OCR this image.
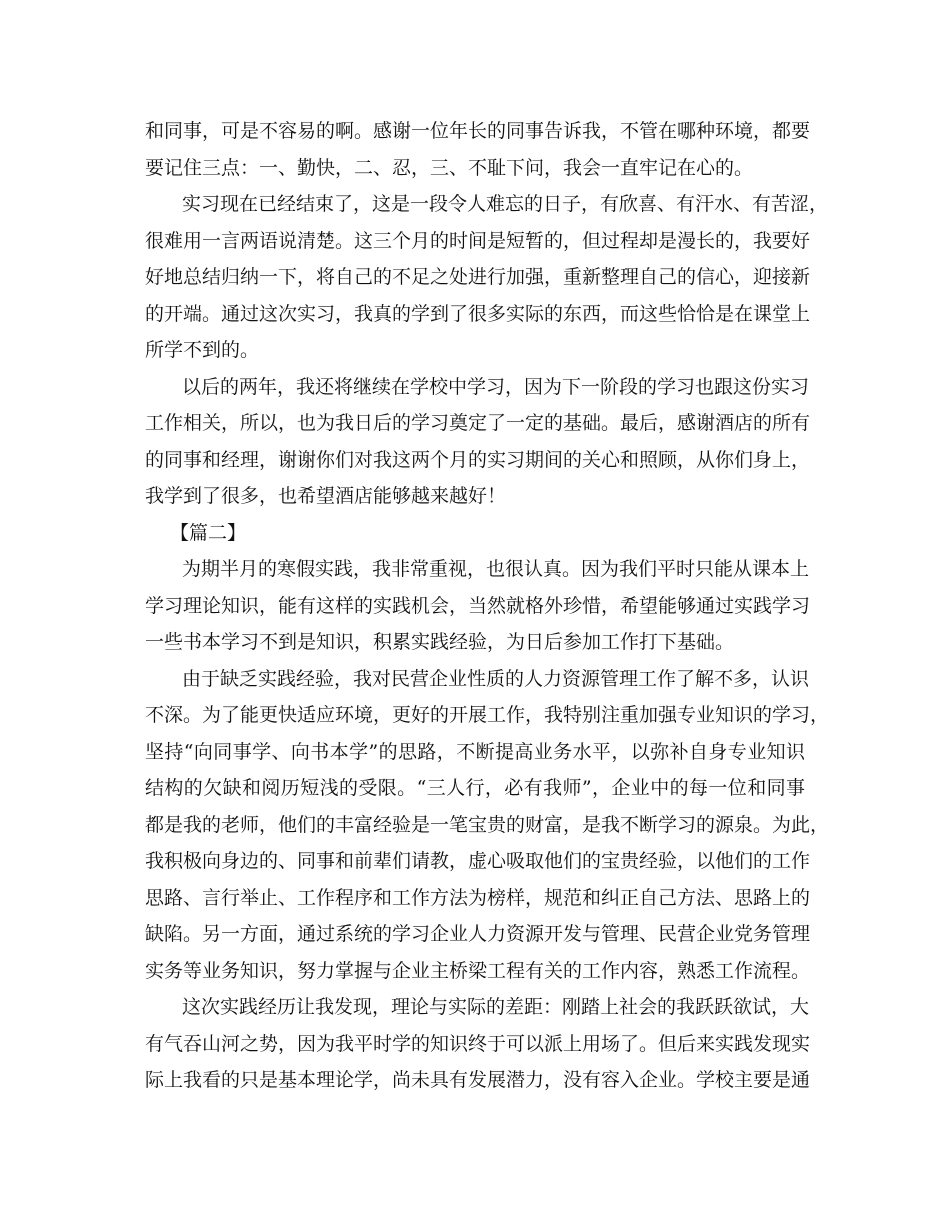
和同事，可是不容易的啊。感谢一位年长的同事告诉我，不管在哪种环境，都要
要记住三点：一、勤快，二、忍，三、不耻下问，我会一直牢记在心的。
实习现在已经结束了，这是一段令人难忘的日子，有欣喜、有汗水、有苦涩，
很难用一言两语说清楚。这三个月的时间是短暂的，但过程却是漫长的，我要好
好地总结归纳一下，将自己的不足之处进行加强，重新整理自己的信心，迎接新
的开端。通过这次实习，我真的学到了很多实际的东西，而这些恰恰是在课堂上
所学不到的。
以后的两年，我还将继续在学校中学习，因为下一阶段的学习也跟这份实习
工作相关，所以，也为我日后的学习奠定了一定的基础。最后，感谢酒店的所有
的同事和经理，谢谢你们对我这两个月的实习期间的关心和照顾，从你们身上，
我学到了很多，也希望酒店能够越来越好！
【篇二】
为期半月的寒假实践，我非常重视，也很认真。因为我们平时只能从课本上
学习理论知识，能有这样的实践机会，当然就格外珍惜，希望能够通过实践学习
一些书本学习不到是知识，积累实践经验，为日后参加工作打下基础。
由于缺乏实践经验，我对民营企业性质的人力资源管理工作了解不多，认识
不深。为了能更快适应环境，更好的开展工作，我特别注重加强专业知识的学习，
坚持“向同事学、向书本学”的思路，不断提高业务水平，以弥补自身专业知识
结构的欠缺和阅历短浅的受限。“三人行，必有我师”，企业中的每一位和同事
都是我的老师，他们的丰富经验是一笔宝贵的财富，是我不断学习的源泉。为此，
我积极向身边的、同事和前辈们请教，虚心吸取他们的宝贵经验，以他们的工作
思路、言行举止、工作程序和工作方法为榜样，规范和纠正自己方法、思路上的
缺陷。另一方面，通过系统的学习企业人力资源开发与管理、民营企业党务管理
实务等业务知识，努力掌握与企业主桥梁工程有关的工作内容，熟悉工作流程。
这次实践经历让我发现，理论与实际的差距：刚踏上社会的我跃跃欲试，大
有气吞山河之势，因为我平时学的知识终于可以派上用场了。但后来实践发现实
际上我看的只是基本理论学，尚未具有发展潜力，没有容入企业。学校主要是通
